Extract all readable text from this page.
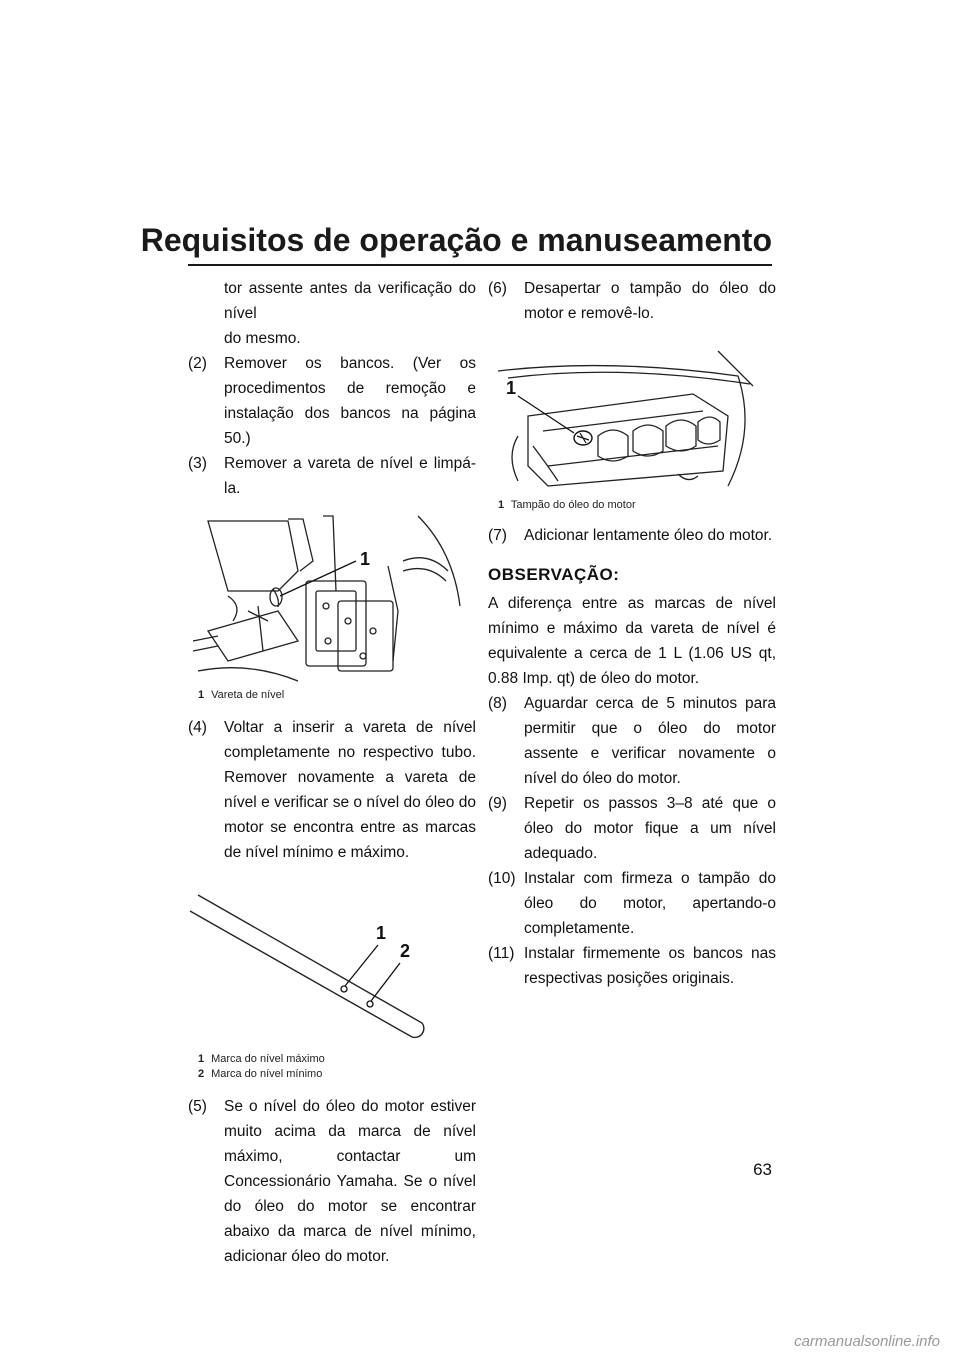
Requisitos de operação e manuseamento

tor assente antes da verificação do nível

do mesmo.

(2) Remover os bancos. (Ver os procedimentos de remoção e instalação dos bancos na página 50.)

(3) Remover a vareta de nível e limpá-la.

1
1 Vareta de nível

(4) Voltar a inserir a vareta de nível completamente no respectivo tubo. Remover novamente a vareta de nível e verificar se o nível do óleo do motor se encontra entre as marcas de nível mínimo e máximo.

1
2
1 Marca do nível máximo
2 Marca do nível mínimo

(5) Se o nível do óleo do motor estiver muito acima da marca de nível máximo, contactar um Concessionário Yamaha. Se o nível do óleo do motor se encontrar abaixo da marca de nível mínimo, adicionar óleo do motor.

(6) Desapertar o tampão do óleo do motor e removê-lo.

1
1 Tampão do óleo do motor

(7) Adicionar lentamente óleo do motor.

OBSERVAÇÃO:

A diferença entre as marcas de nível mínimo e máximo da vareta de nível é equivalente a cerca de 1 L (1.06 US qt, 0.88 Imp. qt) de óleo do motor.

(8) Aguardar cerca de 5 minutos para permitir que o óleo do motor assente e verificar novamente o nível do óleo do motor.

(9) Repetir os passos 3–8 até que o óleo do motor fique a um nível adequado.

(10) Instalar com firmeza o tampão do óleo do motor, apertando-o completamente.

(11) Instalar firmemente os bancos nas respectivas posições originais.

63
carmanualsonline.info
